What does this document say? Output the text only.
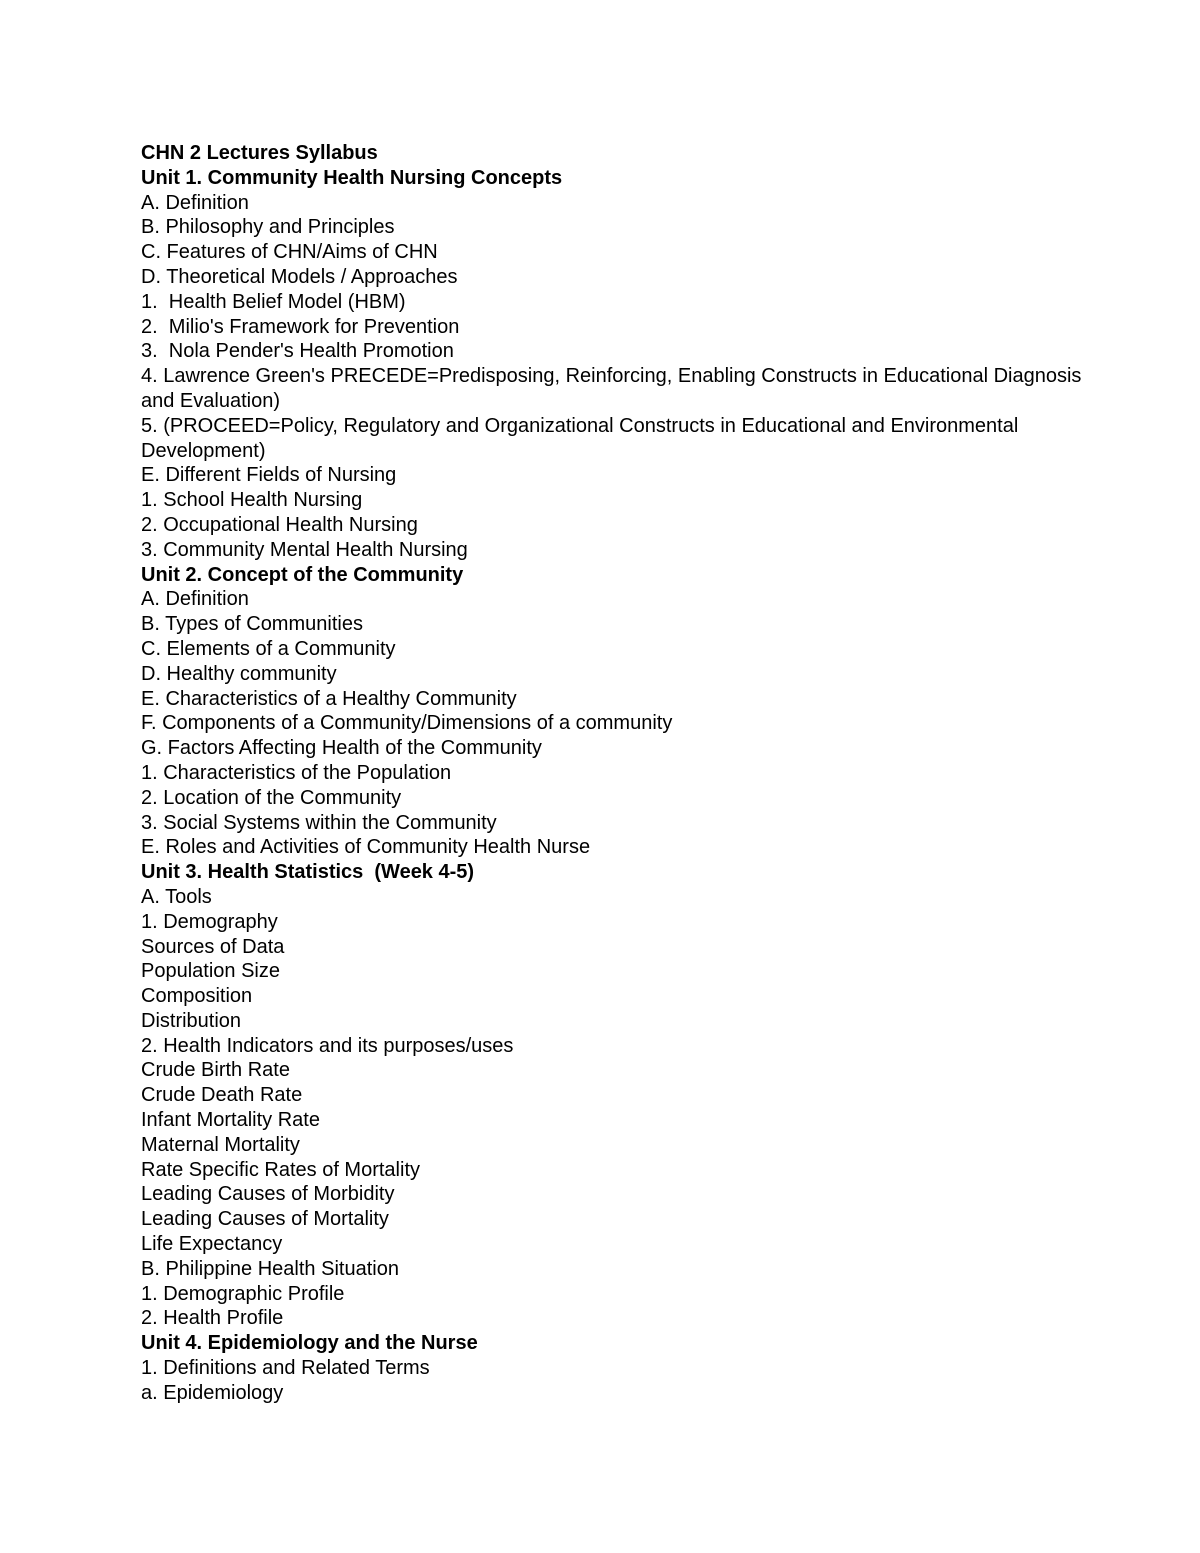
CHN 2 Lectures Syllabus
Unit 1. Community Health Nursing Concepts
A. Definition
B. Philosophy and Principles
C. Features of CHN/Aims of CHN
D. Theoretical Models / Approaches
1.  Health Belief Model (HBM)
2.  Milio's Framework for Prevention
3.  Nola Pender's Health Promotion
4. Lawrence Green's PRECEDE=Predisposing, Reinforcing, Enabling Constructs in Educational Diagnosis and Evaluation)
5. (PROCEED=Policy, Regulatory and Organizational Constructs in Educational and Environmental Development)
E. Different Fields of Nursing
1. School Health Nursing
2. Occupational Health Nursing
3. Community Mental Health Nursing
Unit 2. Concept of the Community
A. Definition
B. Types of Communities
C. Elements of a Community
D. Healthy community
E. Characteristics of a Healthy Community
F. Components of a Community/Dimensions of a community
G. Factors Affecting Health of the Community
1. Characteristics of the Population
2. Location of the Community
3. Social Systems within the Community
E. Roles and Activities of Community Health Nurse
Unit 3. Health Statistics  (Week 4-5)
A. Tools
1. Demography
Sources of Data
Population Size
Composition
Distribution
2. Health Indicators and its purposes/uses
Crude Birth Rate
Crude Death Rate
Infant Mortality Rate
Maternal Mortality
Rate Specific Rates of Mortality
Leading Causes of Morbidity
Leading Causes of Mortality
Life Expectancy
B. Philippine Health Situation
1. Demographic Profile
2. Health Profile
Unit 4. Epidemiology and the Nurse
1. Definitions and Related Terms
a. Epidemiology
